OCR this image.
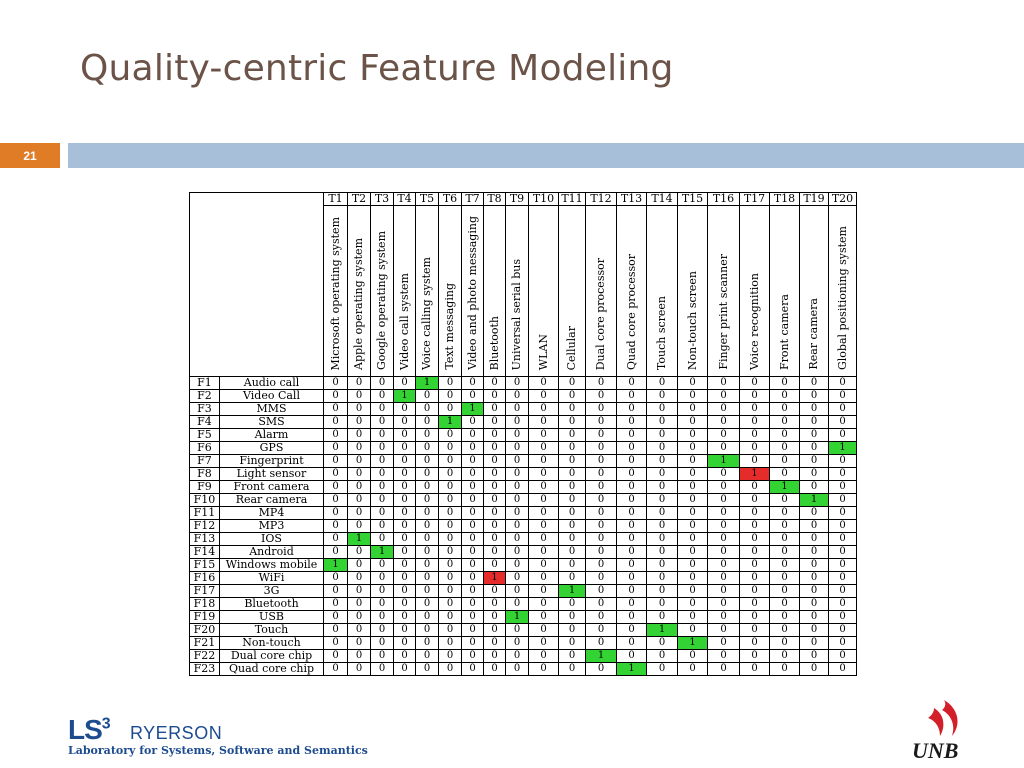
Quality-centric Feature Modeling
21
		T1	T2	T3	T4	T5	T6	T7	T8	T9	T10	T11	T12	T13	T14	T15	T16	T17	T18	T19	T20
		Microsoft operating system	Apple operating system	Google operating system	Video call system	Voice calling system	Text messaging	Video and photo messaging	Bluetooth	Universal serial bus	WLAN	Cellular	Dual core processor	Quad core processor	Touch screen	Non-touch screen	Finger print scanner	Voice recognition	Front camera	Rear camera	Global positioning system
F1	Audio call	0	0	0	0	1	0	0	0	0	0	0	0	0	0	0	0	0	0	0	0
F2	Video Call	0	0	0	1	0	0	0	0	0	0	0	0	0	0	0	0	0	0	0	0
F3	MMS	0	0	0	0	0	0	1	0	0	0	0	0	0	0	0	0	0	0	0	0
F4	SMS	0	0	0	0	0	1	0	0	0	0	0	0	0	0	0	0	0	0	0	0
F5	Alarm	0	0	0	0	0	0	0	0	0	0	0	0	0	0	0	0	0	0	0	0
F6	GPS	0	0	0	0	0	0	0	0	0	0	0	0	0	0	0	0	0	0	0	1
F7	Fingerprint	0	0	0	0	0	0	0	0	0	0	0	0	0	0	0	1	0	0	0	0
F8	Light sensor	0	0	0	0	0	0	0	0	0	0	0	0	0	0	0	0	1	0	0	0
F9	Front camera	0	0	0	0	0	0	0	0	0	0	0	0	0	0	0	0	0	1	0	0
F10	Rear camera	0	0	0	0	0	0	0	0	0	0	0	0	0	0	0	0	0	0	1	0
F11	MP4	0	0	0	0	0	0	0	0	0	0	0	0	0	0	0	0	0	0	0	0
F12	MP3	0	0	0	0	0	0	0	0	0	0	0	0	0	0	0	0	0	0	0	0
F13	IOS	0	1	0	0	0	0	0	0	0	0	0	0	0	0	0	0	0	0	0	0
F14	Android	0	0	1	0	0	0	0	0	0	0	0	0	0	0	0	0	0	0	0	0
F15	Windows mobile	1	0	0	0	0	0	0	0	0	0	0	0	0	0	0	0	0	0	0	0
F16	WiFi	0	0	0	0	0	0	0	1	0	0	0	0	0	0	0	0	0	0	0	0
F17	3G	0	0	0	0	0	0	0	0	0	0	1	0	0	0	0	0	0	0	0	0
F18	Bluetooth	0	0	0	0	0	0	0	0	0	0	0	0	0	0	0	0	0	0	0	0
F19	USB	0	0	0	0	0	0	0	0	1	0	0	0	0	0	0	0	0	0	0	0
F20	Touch	0	0	0	0	0	0	0	0	0	0	0	0	0	1	0	0	0	0	0	0
F21	Non-touch	0	0	0	0	0	0	0	0	0	0	0	0	0	0	1	0	0	0	0	0
F22	Dual core chip	0	0	0	0	0	0	0	0	0	0	0	1	0	0	0	0	0	0	0	0
F23	Quad core chip	0	0	0	0	0	0	0	0	0	0	0	0	1	0	0	0	0	0	0	0
$LS^3$ RYERSON
Laboratory for Systems, Software and Semantics	UNB
